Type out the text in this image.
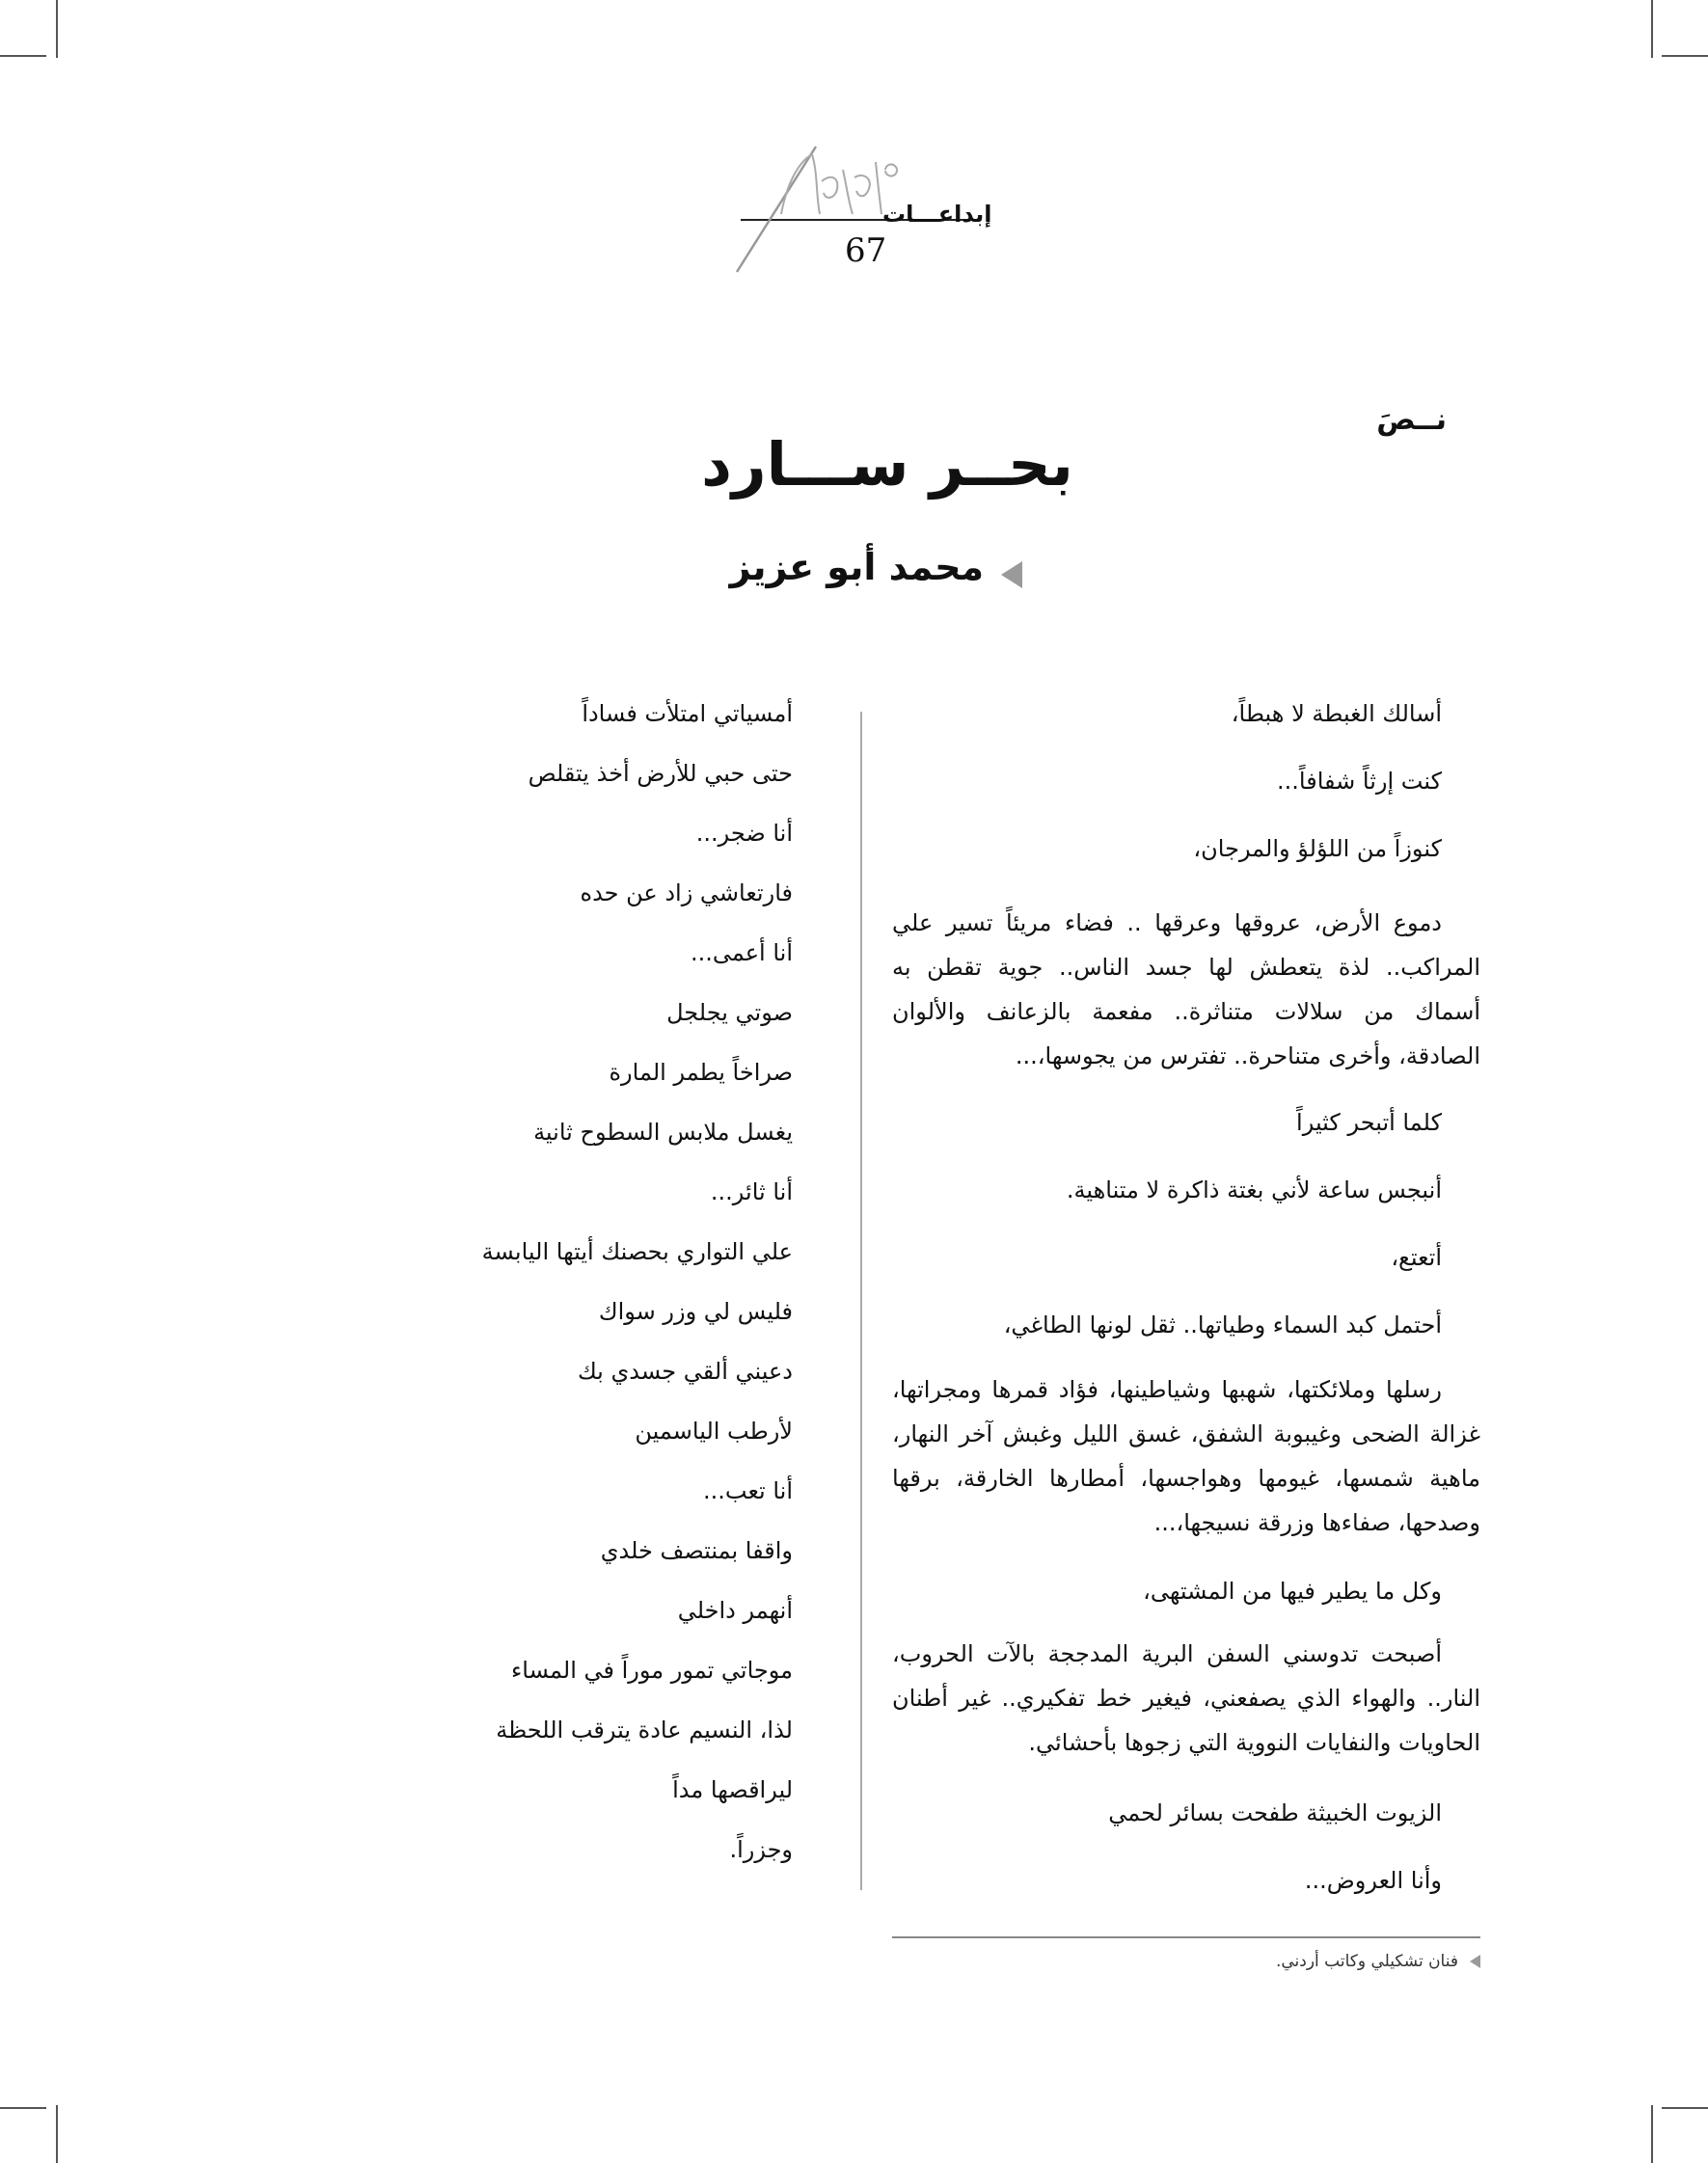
إبداعـــات
67
نــصَ
بحــر ســـارد
محمد أبو عزيز
أسالك الغبطة لا هبطاً،
كنت إرثاً شفافاً...
كنوزاً من اللؤلؤ والمرجان،
دموع الأرض، عروقها وعرقها .. فضاء مريئاً تسير علي المراكب.. لذة يتعطش لها جسد الناس.. جوية تقطن به أسماك من سلالات متناثرة.. مفعمة بالزعانف والألوان الصادقة، وأخرى متناحرة.. تفترس من يجوسها،...
كلما أتبحر كثيراً
أنبجس ساعة لأني بغتة ذاكرة لا متناهية.
أتعتع،
أحتمل كبد السماء وطياتها.. ثقل لونها الطاغي،
رسلها وملائكتها، شهبها وشياطينها، فؤاد قمرها ومجراتها، غزالة الضحى وغيبوبة الشفق، غسق الليل وغبش آخر النهار، ماهية شمسها، غيومها وهواجسها، أمطارها الخارقة، برقها وصدحها، صفاءها وزرقة نسيجها،...
وكل ما يطير فيها من المشتهى،
أصبحت تدوسني السفن البرية المدججة بالآت الحروب، النار.. والهواء الذي يصفعني، فيغير خط تفكيري.. غير أطنان الحاويات والنفايات النووية التي زجوها بأحشائي.
الزيوت الخبيثة طفحت بسائر لحمي
وأنا العروض...
أمسياتي امتلأت فساداً
حتى حبي للأرض أخذ يتقلص
أنا ضجر...
فارتعاشي زاد عن حده
أنا أعمى...
صوتي يجلجل
صراخاً يطمر المارة
يغسل ملابس السطوح ثانية
أنا ثائر...
علي التواري بحصنك أيتها اليابسة
فليس لي وزر سواك
دعيني ألقي جسدي بك
لأرطب الياسمين
أنا تعب...
واقفا بمنتصف خلدي
أنهمر داخلي
موجاتي تمور موراً في المساء
لذا، النسيم عادة يترقب اللحظة
ليراقصها مداً
وجزراً.
فنان تشكيلي وكاتب أردني.
